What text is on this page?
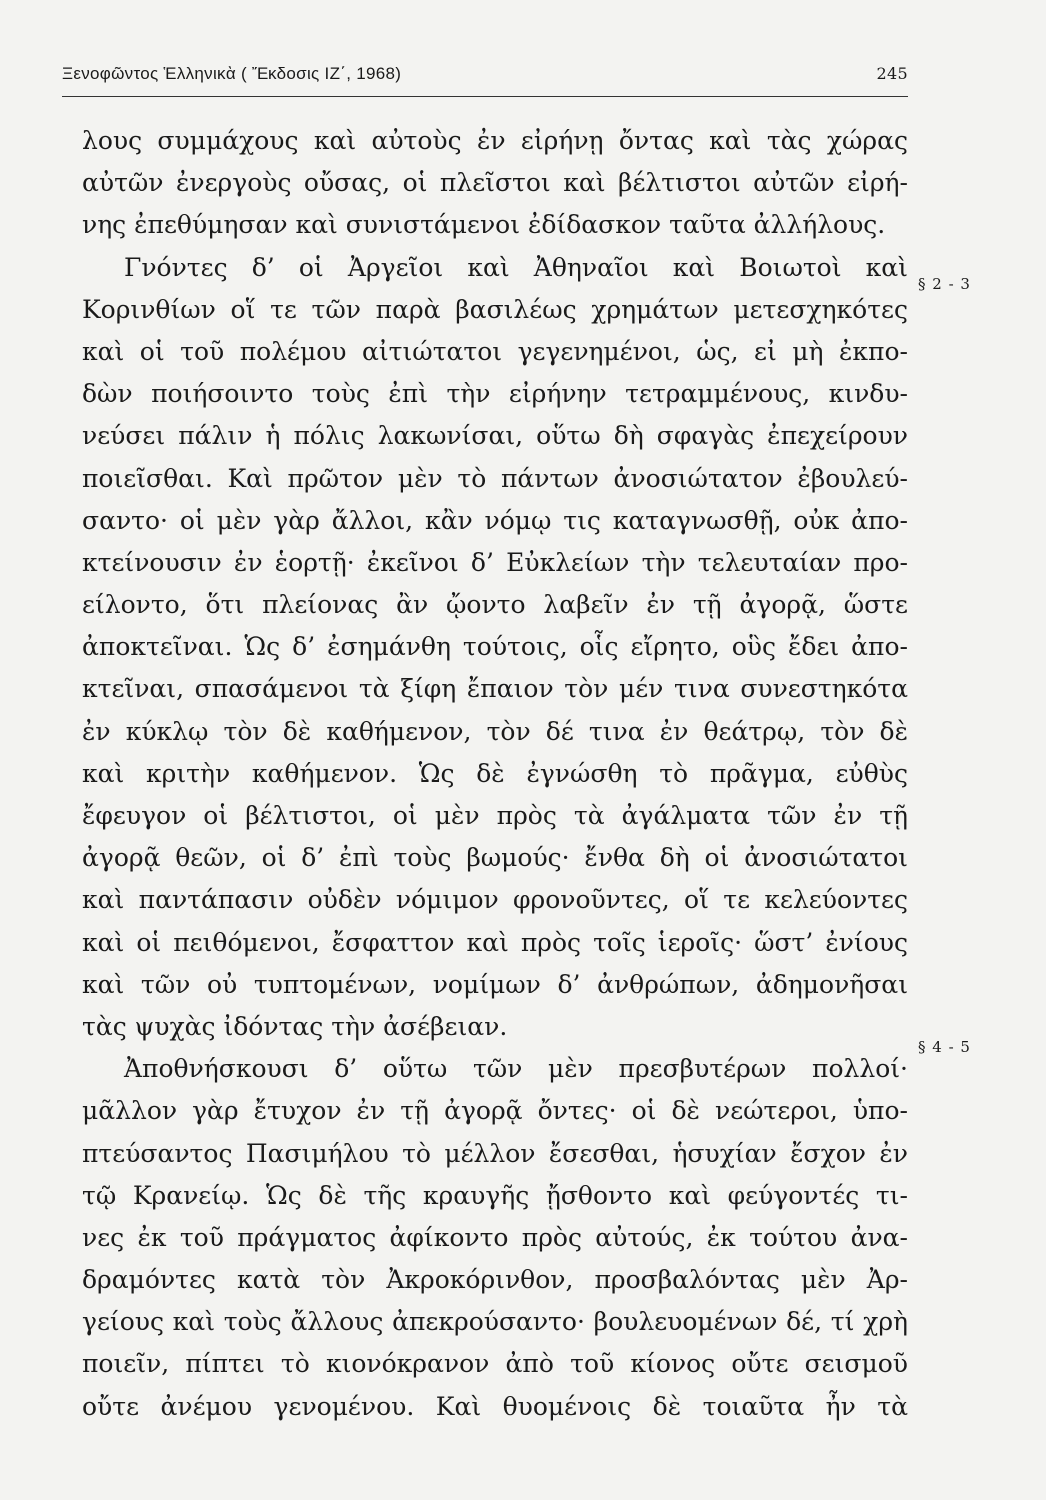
Ξενοφῶντος Ἑλληνικὰ ( Ἔκδοσις ΙΖ΄, 1968)	245
λους συμμάχους καὶ αὐτοὺς ἐν εἰρήνῃ ὄντας καὶ τὰς χώρας
αὐτῶν ἐνεργοὺς οὔσας, οἱ πλεῖστοι καὶ βέλτιστοι αὐτῶν εἰρή-
νης ἐπεθύμησαν καὶ συνιστάμενοι ἐδίδασκον ταῦτα ἀλλήλους.
Γνόντες δ’ οἱ Ἀργεῖοι καὶ Ἀθηναῖοι καὶ Βοιωτοὶ καὶ
Κορινθίων οἵ τε τῶν παρὰ βασιλέως χρημάτων μετεσχηκότες
καὶ οἱ τοῦ πολέμου αἰτιώτατοι γεγενημένοι, ὡς, εἰ μὴ ἐκπο-
δὼν ποιήσοιντο τοὺς ἐπὶ τὴν εἰρήνην τετραμμένους, κινδυ-
νεύσει πάλιν ἡ πόλις λακωνίσαι, οὕτω δὴ σφαγὰς ἐπεχείρουν
ποιεῖσθαι. Καὶ πρῶτον μὲν τὸ πάντων ἀνοσιώτατον ἐβουλεύ-
σαντο· οἱ μὲν γὰρ ἄλλοι, κἂν νόμῳ τις καταγνωσθῇ, οὐκ ἀπο-
κτείνουσιν ἐν ἑορτῇ· ἐκεῖνοι δ’ Εὐκλείων τὴν τελευταίαν προ-
είλοντο, ὅτι πλείονας ἂν ᾤοντο λαβεῖν ἐν τῇ ἀγορᾷ, ὥστε
ἀποκτεῖναι. Ὡς δ’ ἐσημάνθη τούτοις, οἷς εἴρητο, οὓς ἔδει ἀπο-
κτεῖναι, σπασάμενοι τὰ ξίφη ἔπαιον τὸν μέν τινα συνεστηκότα
ἐν κύκλῳ τὸν δὲ καθήμενον, τὸν δέ τινα ἐν θεάτρῳ, τὸν δὲ
καὶ κριτὴν καθήμενον. Ὡς δὲ ἐγνώσθη τὸ πρᾶγμα, εὐθὺς
ἔφευγον οἱ βέλτιστοι, οἱ μὲν πρὸς τὰ ἀγάλματα τῶν ἐν τῇ
ἀγορᾷ θεῶν, οἱ δ’ ἐπὶ τοὺς βωμούς· ἔνθα δὴ οἱ ἀνοσιώτατοι
καὶ παντάπασιν οὐδὲν νόμιμον φρονοῦντες, οἵ τε κελεύοντες
καὶ οἱ πειθόμενοι, ἔσφαττον καὶ πρὸς τοῖς ἱεροῖς· ὥστ’ ἐνίους
καὶ τῶν οὐ τυπτομένων, νομίμων δ’ ἀνθρώπων, ἀδημονῆσαι
τὰς ψυχὰς ἰδόντας τὴν ἀσέβειαν.
Ἀποθνήσκουσι δ’ οὕτω τῶν μὲν πρεσβυτέρων πολλοί·
μᾶλλον γὰρ ἔτυχον ἐν τῇ ἀγορᾷ ὄντες· οἱ δὲ νεώτεροι, ὑπο-
πτεύσαντος Πασιμήλου τὸ μέλλον ἔσεσθαι, ἡσυχίαν ἔσχον ἐν
τῷ Κρανείῳ. Ὡς δὲ τῆς κραυγῆς ᾔσθοντο καὶ φεύγοντές τι-
νες ἐκ τοῦ πράγματος ἀφίκοντο πρὸς αὐτούς, ἐκ τούτου ἀνα-
δραμόντες κατὰ τὸν Ἀκροκόρινθον, προσβαλόντας μὲν Ἀρ-
γείους καὶ τοὺς ἄλλους ἀπεκρούσαντο· βουλευομένων δέ, τί χρὴ
ποιεῖν, πίπτει τὸ κιονόκρανον ἀπὸ τοῦ κίονος οὔτε σεισμοῦ
οὔτε ἀνέμου γενομένου. Καὶ θυομένοις δὲ τοιαῦτα ἦν τὰ
§ 2 - 3
§ 4 - 5
